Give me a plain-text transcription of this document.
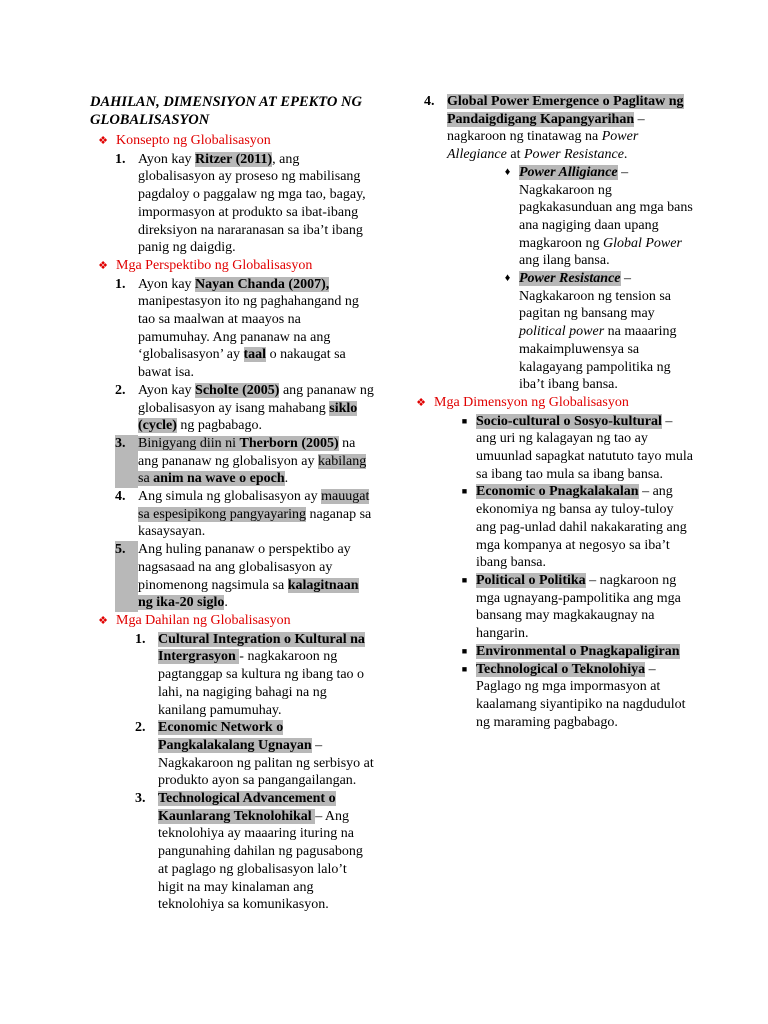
DAHILAN, DIMENSIYON AT EPEKTO NG GLOBALISASYON
❖ Konsepto ng Globalisasyon
1. Ayon kay Ritzer (2011), ang globalisasyon ay proseso ng mabilisang pagdaloy o paggalaw ng mga tao, bagay, impormasyon at produkto sa ibat-ibang direksiyon na nararanasan sa iba’t ibang panig ng daigdig.
❖ Mga Perspektibo ng Globalisasyon
1. Ayon kay Nayan Chanda (2007), manipestasyon ito ng paghahangand ng tao sa maalwan at maayos na pamumuhay. Ang pananaw na ang ‘globalisasyon’ ay taal o nakaugat sa bawat isa.
2. Ayon kay Scholte (2005) ang pananaw ng globalisasyon ay isang mahabang siklo (cycle) ng pagbabago.
3. Binigyang diin ni Therborn (2005) na ang pananaw ng globalisyon ay kabilang sa anim na wave o epoch.
4. Ang simula ng globalisasyon ay mauugat sa espesipikong pangyayaring naganap sa kasaysayan.
5. Ang huling pananaw o perspektibo ay nagsasaad na ang globalisasyon ay pinomenong nagsimula sa kalagitnaan ng ika-20 siglo.
❖ Mga Dahilan ng Globalisasyon
1. Cultural Integration o Kultural na Intergrasyon - nagkakaroon ng pagtanggap sa kultura ng ibang tao o lahi, na nagiging bahagi na ng kanilang pamumuhay.
2. Economic Network o Pangkalakalang Ugnayan – Nagkakaroon ng palitan ng serbisyo at produkto ayon sa pangangailangan.
3. Technological Advancement o Kaunlarang Teknolohikal – Ang teknolohiya ay maaaring ituring na pangunahing dahilan ng pagusabong at paglago ng globalisasyon lalo’t higit na may kinalaman ang teknolohiya sa komunikasyon.
4. Global Power Emergence o Paglitaw ng Pandaigdigang Kapangyarihan – nagkaroon ng tinatawag na Power Allegiance at Power Resistance.
♦ Power Alligiance – Nagkakaroon ng pagkakasunduan ang mga bans ana nagiging daan upang magkaroon ng Global Power ang ilang bansa.
♦ Power Resistance – Nagkakaroon ng tension sa pagitan ng bansang may political power na maaaring makaimpluwensya sa kalagayang pampolitika ng iba’t ibang bansa.
❖ Mga Dimensyon ng Globalisasyon
■ Socio-cultural o Sosyo-kultural – ang uri ng kalagayan ng tao ay umuunlad sapagkat natututo tayo mula sa ibang tao mula sa ibang bansa.
■ Economic o Pnagkalakalan – ang ekonomiya ng bansa ay tuloy-tuloy ang pag-unlad dahil nakakarating ang mga kompanya at negosyo sa iba’t ibang bansa.
■ Political o Politika – nagkaroon ng mga ugnayang-pampolitika ang mga bansang may magkakaugnay na hangarin.
■ Environmental o Pnagkapaligiran
■ Technological o Teknolohiya – Paglago ng mga impormasyon at kaalamang siyantipiko na nagdudulot ng maraming pagbabago.
